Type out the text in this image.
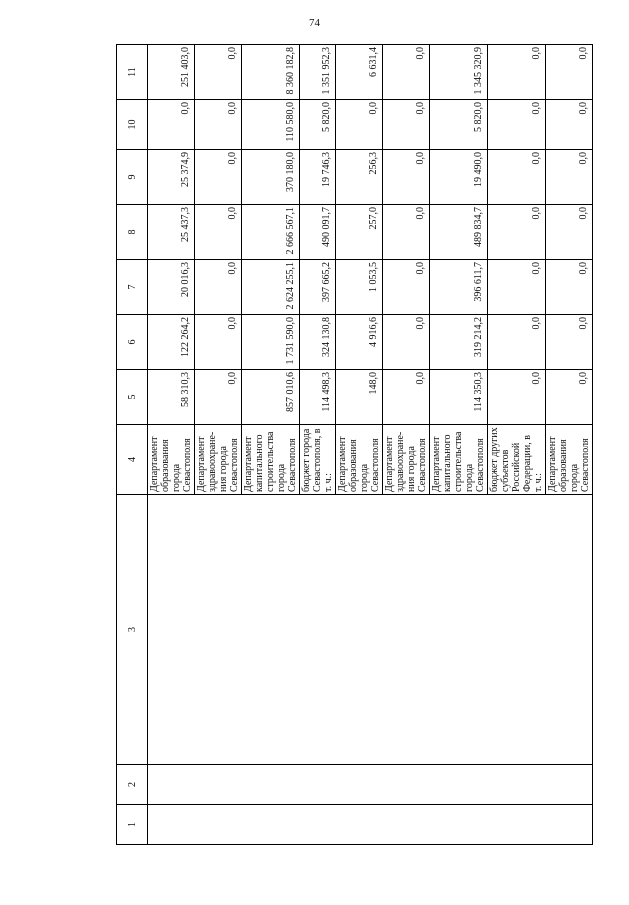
74
1	2	3	4	5	6	7	8	9	10	11
			Департамент образования города Севастополя	58 310,3	122 264,2	20 016,3	25 437,3	25 374,9	0,0	251 403,0
			Департамент здравоохране- ния города Севастополя	0,0	0,0	0,0	0,0	0,0	0,0	0,0
			Департамент капитального строительства города Севастополя	857 010,6	1 731 590,0	2 624 255,1	2 666 567,1	370 180,0	110 580,0	8 360 182,8
			бюджет города Севастополя, в т. ч.:	114 498,3	324 130,8	397 665,2	490 091,7	19 746,3	5 820,0	1 351 952,3
			Департамент образования города Севастополя	148,0	4 916,6	1 053,5	257,0	256,3	0,0	6 631,4
			Департамент здравоохране- ния города Севастополя	0,0	0,0	0,0	0,0	0,0	0,0	0,0
			Департамент капитального строительства города Севастополя	114 350,3	319 214,2	396 611,7	489 834,7	19 490,0	5 820,0	1 345 320,9
			бюджет других субъектов Российской Федерации, в т. ч.:	0,0	0,0	0,0	0,0	0,0	0,0	0,0
			Департамент образования города Севастополя	0,0	0,0	0,0	0,0	0,0	0,0	0,0
